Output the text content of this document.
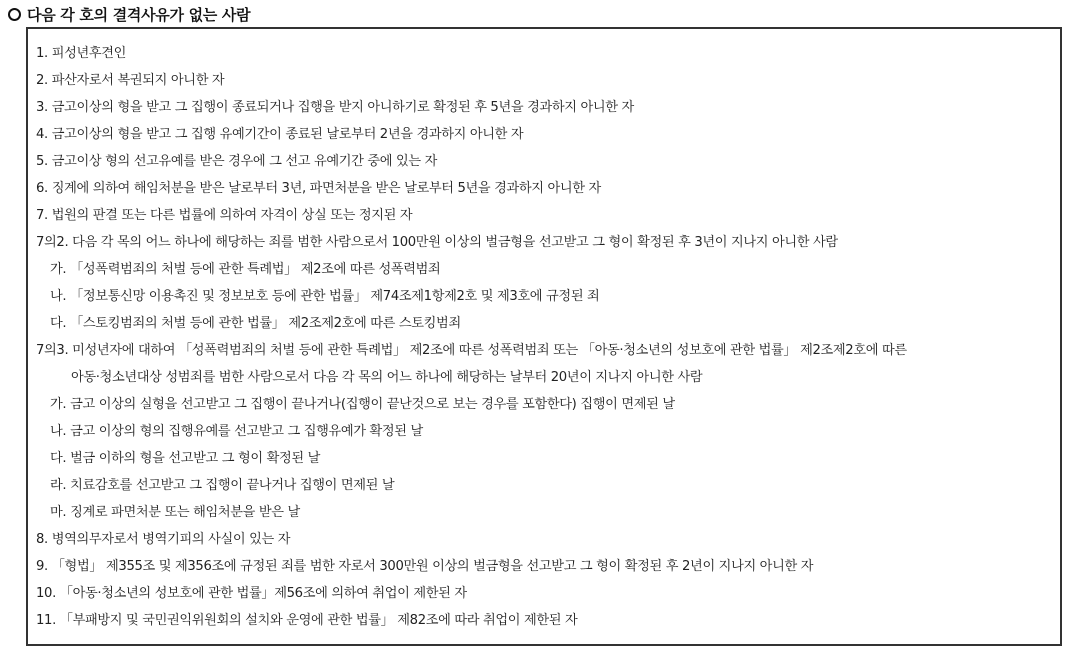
다음 각 호의 결격사유가 없는 사람
1. 피성년후견인
2. 파산자로서 복권되지 아니한 자
3. 금고이상의 형을 받고 그 집행이 종료되거나 집행을 받지 아니하기로 확정된 후 5년을 경과하지 아니한 자
4. 금고이상의 형을 받고 그 집행 유예기간이 종료된 날로부터 2년을 경과하지 아니한 자
5. 금고이상 형의 선고유예를 받은 경우에 그 선고 유예기간 중에 있는 자
6. 징계에 의하여 해임처분을 받은 날로부터 3년, 파면처분을 받은 날로부터 5년을 경과하지 아니한 자
7. 법원의 판결 또는 다른 법률에 의하여 자격이 상실 또는 정지된 자
7의2. 다음 각 목의 어느 하나에 해당하는 죄를 범한 사람으로서 100만원 이상의 벌금형을 선고받고 그 형이 확정된 후 3년이 지나지 아니한 사람
가. 「성폭력범죄의 처벌 등에 관한 특례법」 제2조에 따른 성폭력범죄
나. 「정보통신망 이용촉진 및 정보보호 등에 관한 법률」 제74조제1항제2호 및 제3호에 규정된 죄
다. 「스토킹범죄의 처벌 등에 관한 법률」 제2조제2호에 따른 스토킹범죄
7의3. 미성년자에 대하여 「성폭력범죄의 처벌 등에 관한 특례법」 제2조에 따른 성폭력범죄 또는 「아동·청소년의 성보호에 관한 법률」 제2조제2호에 따른
아동·청소년대상 성범죄를 범한 사람으로서 다음 각 목의 어느 하나에 해당하는 날부터 20년이 지나지 아니한 사람
가. 금고 이상의 실형을 선고받고 그 집행이 끝나거나(집행이 끝난것으로 보는 경우를 포함한다) 집행이 면제된 날
나. 금고 이상의 형의 집행유예를 선고받고 그 집행유예가 확정된 날
다. 벌금 이하의 형을 선고받고 그 형이 확정된 날
라. 치료감호를 선고받고 그 집행이 끝나거나 집행이 면제된 날
마. 징계로 파면처분 또는 해임처분을 받은 날
8. 병역의무자로서 병역기피의 사실이 있는 자
9. 「형법」 제355조 및 제356조에 규정된 죄를 범한 자로서 300만원 이상의 벌금형을 선고받고 그 형이 확정된 후 2년이 지나지 아니한 자
10. 「아동·청소년의 성보호에 관한 법률」제56조에 의하여 취업이 제한된 자
11. 「부패방지 및 국민권익위원회의 설치와 운영에 관한 법률」 제82조에 따라 취업이 제한된 자
